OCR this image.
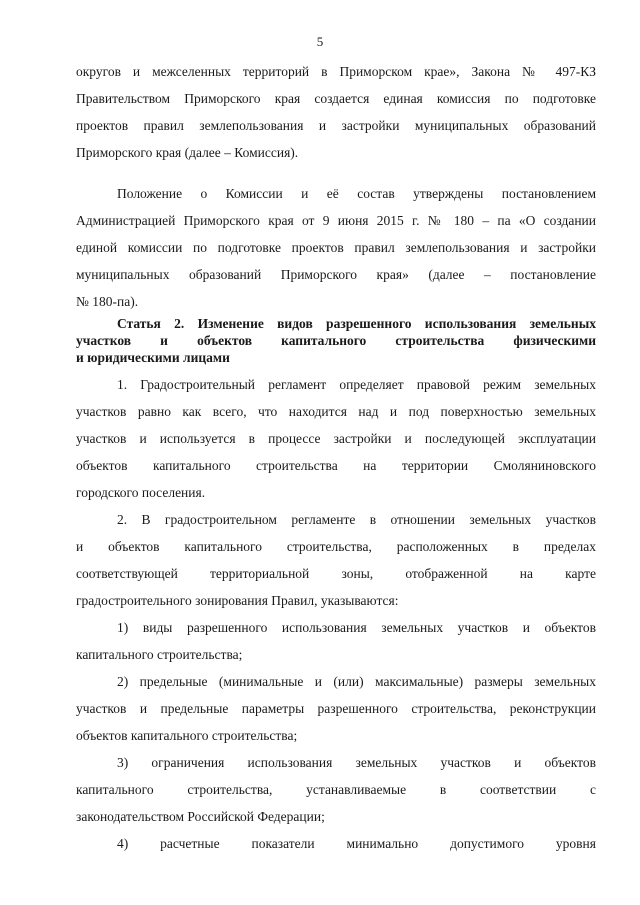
5
округов и межселенных территорий в Приморском крае», Закона № 497-КЗ
Правительством Приморского края создается единая комиссия по подготовке
проектов правил землепользования и застройки муниципальных образований
Приморского края (далее – Комиссия).
Положение о Комиссии и её состав утверждены постановлением
Администрацией Приморского края от 9 июня 2015 г. № 180 – па «О создании
единой комиссии по подготовке проектов правил землепользования и застройки
муниципальных образований Приморского края» (далее – постановление
№ 180-па).
Статья 2. Изменение видов разрешенного использования земельных
участков и объектов капитального строительства физическими
и юридическими лицами
1. Градостроительный регламент определяет правовой режим земельных
участков равно как всего, что находится над и под поверхностью земельных
участков и используется в процессе застройки и последующей эксплуатации
объектов капитального строительства на территории Смоляниновского
городского поселения.
2. В градостроительном регламенте в отношении земельных участков
и объектов капитального строительства, расположенных в пределах
соответствующей территориальной зоны, отображенной на карте
градостроительного зонирования Правил, указываются:
1) виды разрешенного использования земельных участков и объектов
капитального строительства;
2) предельные (минимальные и (или) максимальные) размеры земельных
участков и предельные параметры разрешенного строительства, реконструкции
объектов капитального строительства;
3) ограничения использования земельных участков и объектов
капитального строительства, устанавливаемые в соответствии с
законодательством Российской Федерации;
4) расчетные показатели минимально допустимого уровня
